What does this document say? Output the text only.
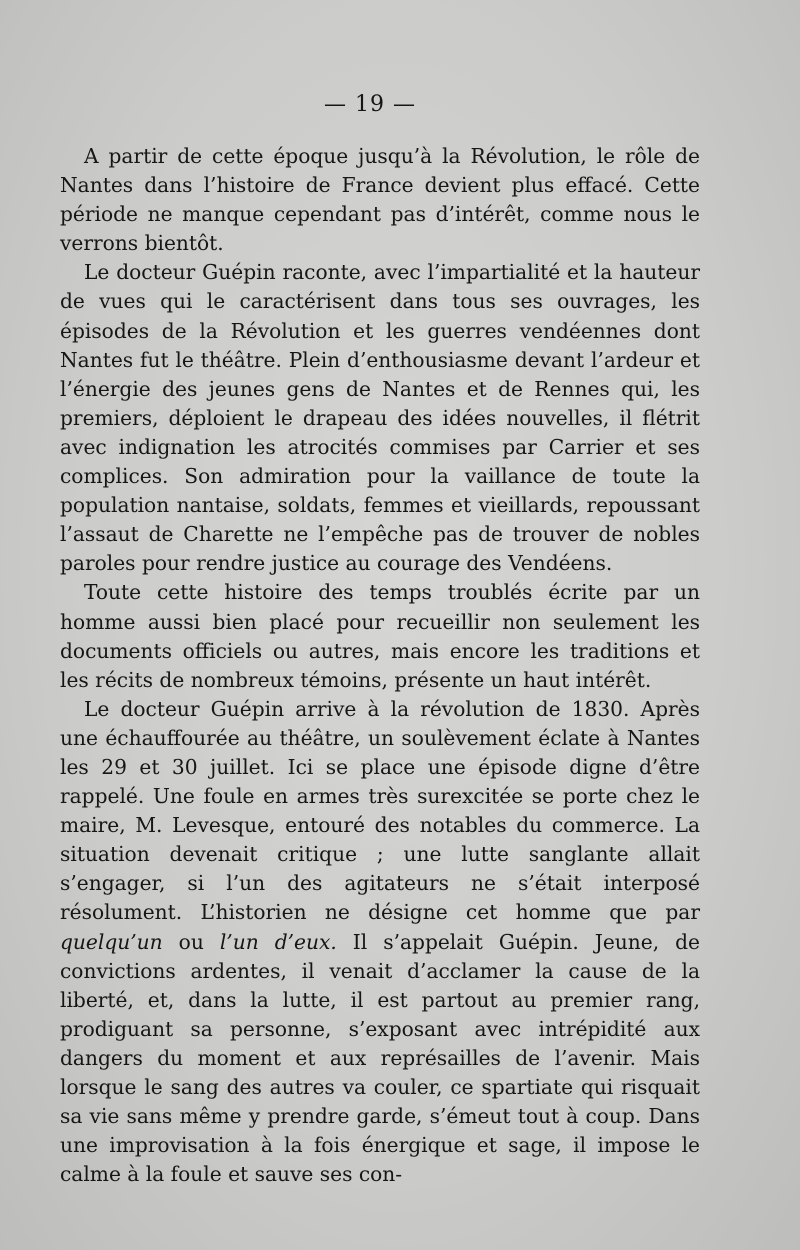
— 19 —

A partir de cette époque jusqu’à la Révolution, le rôle de Nantes dans l’histoire de France devient plus effacé. Cette période ne manque cependant pas d’intérêt, comme nous le verrons bientôt.

Le docteur Guépin raconte, avec l’impartialité et la hauteur de vues qui le caractérisent dans tous ses ouvrages, les épisodes de la Révolution et les guerres vendéennes dont Nantes fut le théâtre. Plein d’enthousiasme devant l’ardeur et l’énergie des jeunes gens de Nantes et de Rennes qui, les premiers, déploient le drapeau des idées nouvelles, il flétrit avec indignation les atrocités commises par Carrier et ses complices. Son admiration pour la vaillance de toute la population nantaise, soldats, femmes et vieillards, repoussant l’assaut de Charette ne l’empêche pas de trouver de nobles paroles pour rendre justice au courage des Vendéens.

Toute cette histoire des temps troublés écrite par un homme aussi bien placé pour recueillir non seulement les documents officiels ou autres, mais encore les traditions et les récits de nombreux témoins, présente un haut intérêt.

Le docteur Guépin arrive à la révolution de 1830. Après une échauffourée au théâtre, un soulèvement éclate à Nantes les 29 et 30 juillet. Ici se place une épisode digne d’être rappelé. Une foule en armes très surexcitée se porte chez le maire, M. Levesque, entouré des notables du commerce. La situation devenait critique ; une lutte sanglante allait s’engager, si l’un des agitateurs ne s’était interposé résolument. L’historien ne désigne cet homme que par quelqu’un ou l’un d’eux. Il s’appelait Guépin. Jeune, de convictions ardentes, il venait d’acclamer la cause de la liberté, et, dans la lutte, il est partout au premier rang, prodiguant sa personne, s’exposant avec intrépidité aux dangers du moment et aux représailles de l’avenir. Mais lorsque le sang des autres va couler, ce spartiate qui risquait sa vie sans même y prendre garde, s’émeut tout à coup. Dans une improvisation à la fois énergique et sage, il impose le calme à la foule et sauve ses con-
